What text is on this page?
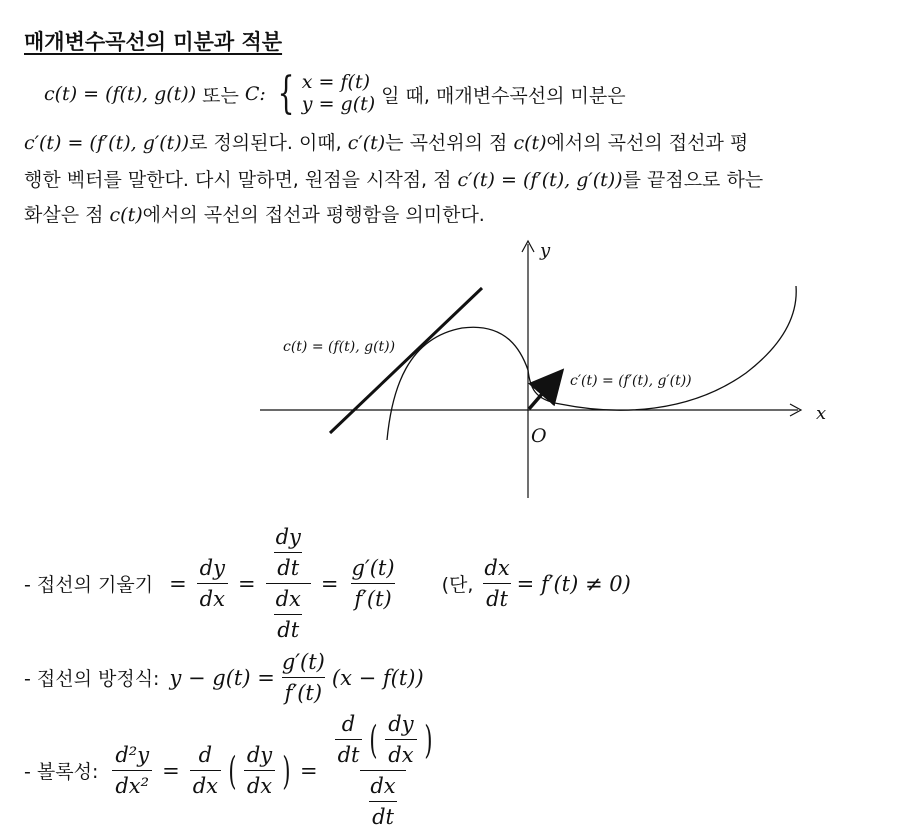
매개변수곡선의 미분과 적분
c(t) = (f(t), g(t)) 또는 C: { x = f(t)
y = g(t) 일 때, 매개변수곡선의 미분은
c′(t) = (f′(t), g′(t))로 정의된다. 이때, c′(t)는 곡선위의 점 c(t)에서의 곡선의 접선과 평
행한 벡터를 말한다. 다시 말하면, 원점을 시작점, 점 c′(t) = (f′(t), g′(t))를 끝점으로 하는
화살은 점 c(t)에서의 곡선의 접선과 평행함을 의미한다.
c(t) = (f(t), g(t))
c′(t) = (f′(t), g′(t))
x
y
O
- 접선의 기울기 = $\frac{dy}{dx} = \frac{\frac{dy}{dt}}{\frac{dx}{dt}} = \frac{g'(t)}{f'(t)}$ (단, $\frac{dx}{dt} = f'(t) \ne 0$)
- 접선의 방정식: $y - g(t) = \frac{g'(t)}{f'(t)} (x - f(t))$
- 볼록성: $\frac{\text{d²y}}{\text{dx²}} = \frac{d}{dx}$ ( $\frac{dy}{dx}$ ) = $\frac{\frac{d}{dt} ( \frac{dy}{dx} )}{\frac{dx}{dt}}$
